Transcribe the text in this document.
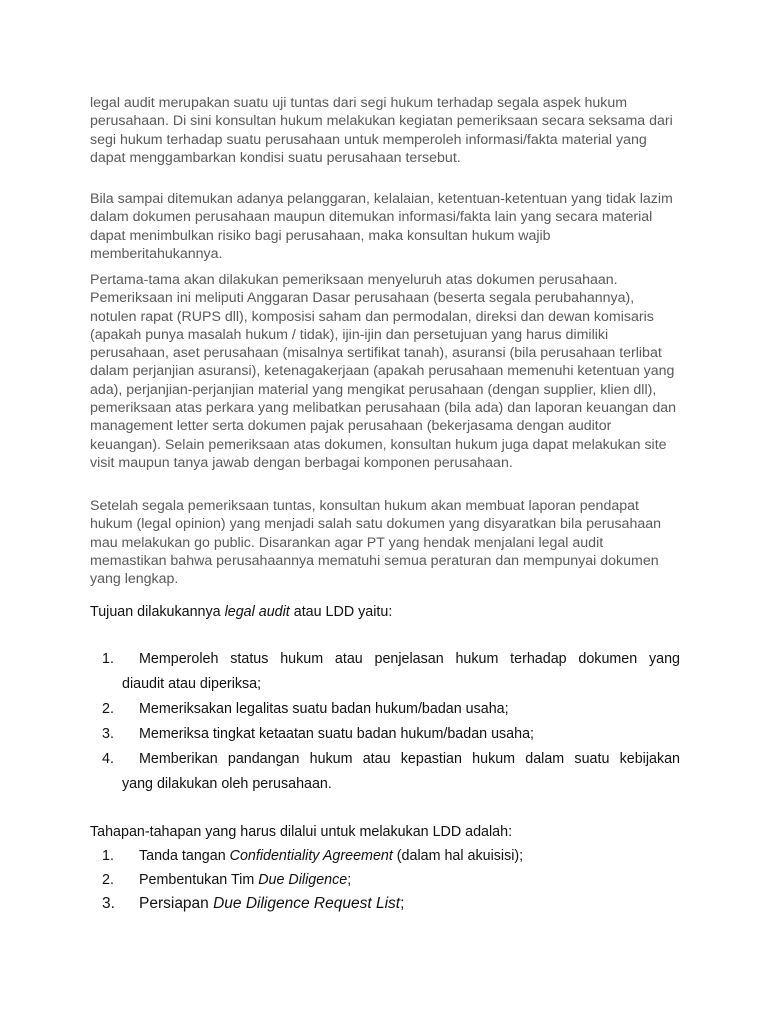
legal audit merupakan suatu uji tuntas dari segi hukum terhadap segala aspek hukum perusahaan. Di sini konsultan hukum melakukan kegiatan pemeriksaan secara seksama dari segi hukum terhadap suatu perusahaan untuk memperoleh informasi/fakta material yang dapat menggambarkan kondisi suatu perusahaan tersebut.

Bila sampai ditemukan adanya pelanggaran, kelalaian, ketentuan-ketentuan yang tidak lazim dalam dokumen perusahaan maupun ditemukan informasi/fakta lain yang secara material dapat menimbulkan risiko bagi perusahaan, maka konsultan hukum wajib memberitahukannya.

Pertama-tama akan dilakukan pemeriksaan menyeluruh atas dokumen perusahaan. Pemeriksaan ini meliputi Anggaran Dasar perusahaan (beserta segala perubahannya), notulen rapat (RUPS dll), komposisi saham dan permodalan, direksi dan dewan komisaris (apakah punya masalah hukum / tidak), ijin-ijin dan persetujuan yang harus dimiliki perusahaan, aset perusahaan (misalnya sertifikat tanah), asuransi (bila perusahaan terlibat dalam perjanjian asuransi), ketenagakerjaan (apakah perusahaan memenuhi ketentuan yang ada), perjanjian-perjanjian material yang mengikat perusahaan (dengan supplier, klien dll), pemeriksaan atas perkara yang melibatkan perusahaan (bila ada) dan laporan keuangan dan management letter serta dokumen pajak perusahaan (bekerjasama dengan auditor keuangan). Selain pemeriksaan atas dokumen, konsultan hukum juga dapat melakukan site visit maupun tanya jawab dengan berbagai komponen perusahaan.

Setelah segala pemeriksaan tuntas, konsultan hukum akan membuat laporan pendapat hukum (legal opinion) yang menjadi salah satu dokumen yang disyaratkan bila perusahaan mau melakukan go public. Disarankan agar PT yang hendak menjalani legal audit memastikan bahwa perusahaannya mematuhi semua peraturan dan mempunyai dokumen yang lengkap.

Tujuan dilakukannya legal audit atau LDD yaitu:

1.	Memperoleh status hukum atau penjelasan hukum terhadap dokumen yang
diaudit atau diperiksa;
2.	Memeriksakan legalitas suatu badan hukum/badan usaha;
3.	Memeriksa tingkat ketaatan suatu badan hukum/badan usaha;
4.	Memberikan pandangan hukum atau kepastian hukum dalam suatu kebijakan
yang dilakukan oleh perusahaan.

Tahapan-tahapan yang harus dilalui untuk melakukan LDD adalah:

1.	Tanda tangan Confidentiality Agreement (dalam hal akuisisi);
2.	Pembentukan Tim Due Diligence;
3.	Persiapan Due Diligence Request List;
